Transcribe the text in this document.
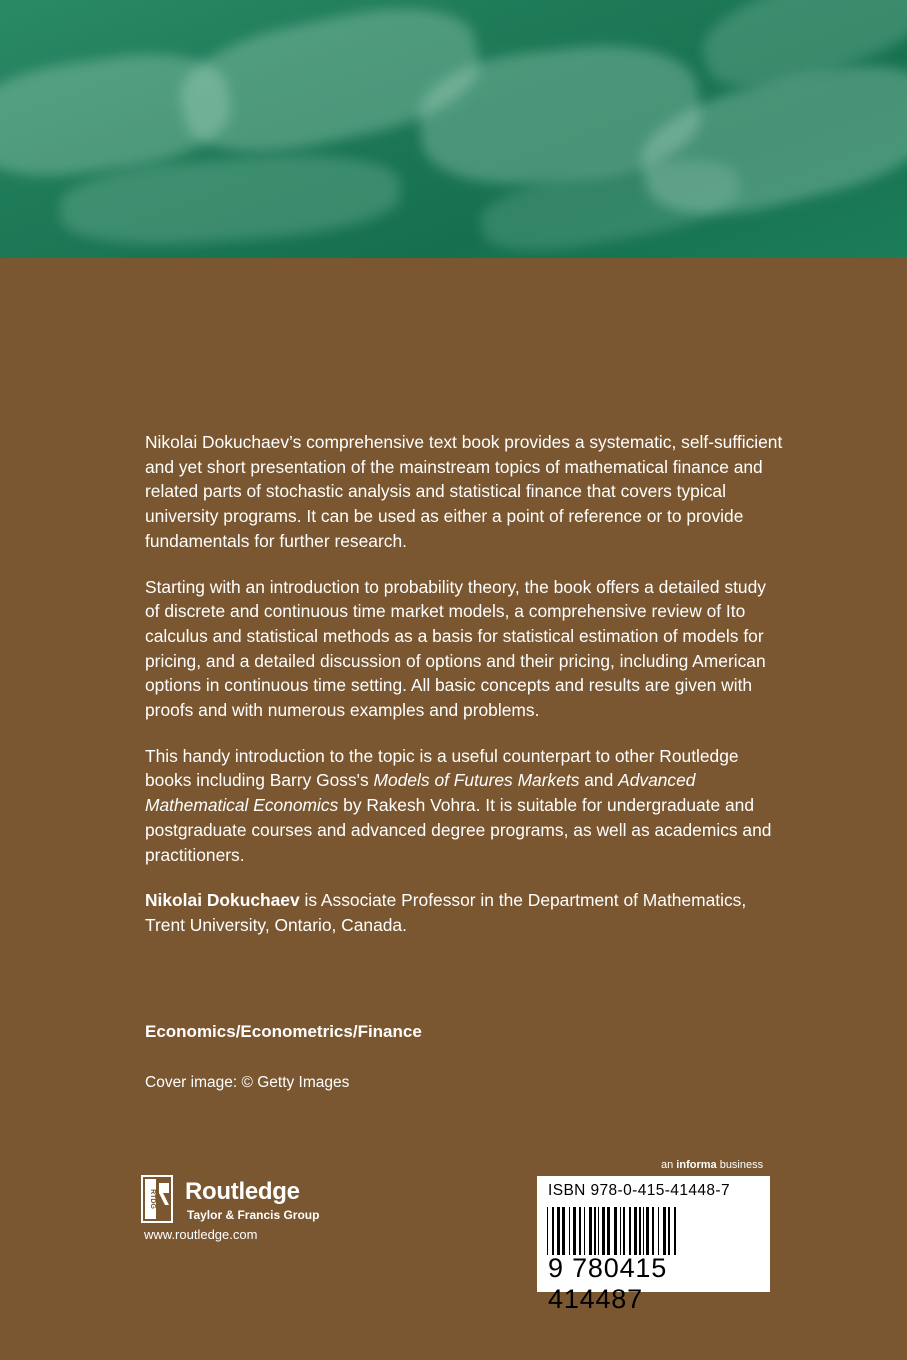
Nikolai Dokuchaev’s comprehensive text book provides a systematic, self-sufficient and yet short presentation of the mainstream topics of mathematical finance and related parts of stochastic analysis and statistical finance that covers typical university programs. It can be used as either a point of reference or to provide fundamentals for further research.

Starting with an introduction to probability theory, the book offers a detailed study of discrete and continuous time market models, a comprehensive review of Ito calculus and statistical methods as a basis for statistical estimation of models for pricing, and a detailed discussion of options and their pricing, including American options in continuous time setting. All basic concepts and results are given with proofs and with numerous examples and problems.

This handy introduction to the topic is a useful counterpart to other Routledge books including Barry Goss's Models of Futures Markets and Advanced Mathematical Economics by Rakesh Vohra. It is suitable for undergraduate and postgraduate courses and advanced degree programs, as well as academics and practitioners.

Nikolai Dokuchaev is Associate Professor in the Department of Mathematics, Trent University, Ontario, Canada.

Economics/Econometrics/Finance
Cover image: © Getty Images
RTDG Routledge
Taylor & Francis Group
www.routledge.com
an informa business
ISBN 978-0-415-41448-7
9 780415 414487
